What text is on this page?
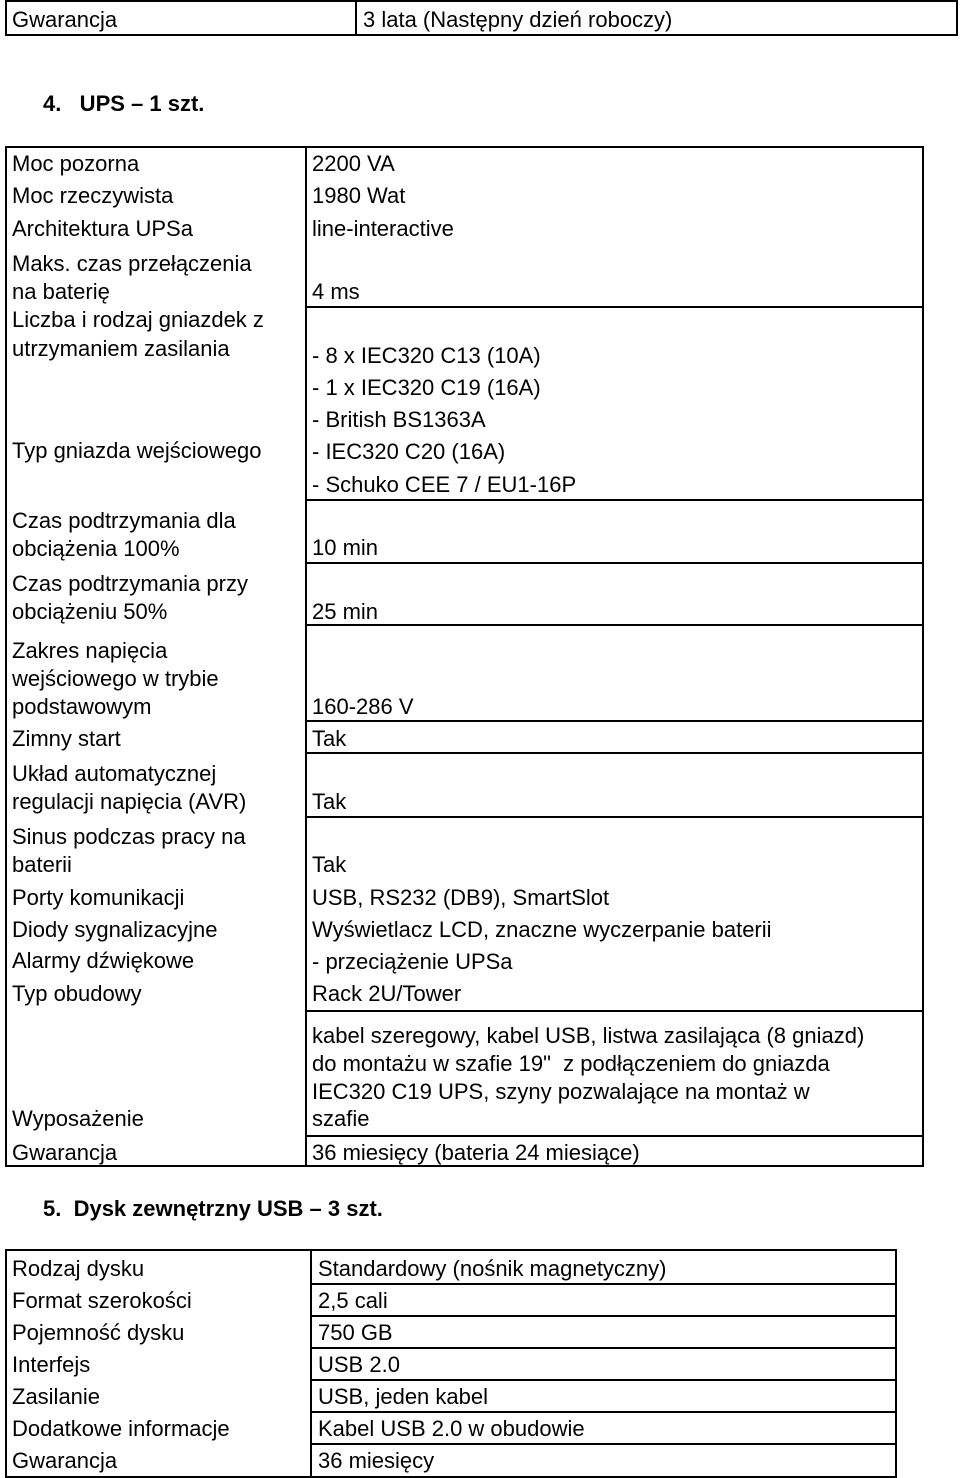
Gwarancja	3 lata (Następny dzień roboczy)
4.   UPS – 1 szt.
Moc pozorna
Moc rzeczywista
Architektura UPSa
Maks. czas przełączenia
na baterię
Liczba i rodzaj gniazdek z
utrzymaniem zasilania
Typ gniazda wejściowego
Czas podtrzymania dla
obciążenia 100%
Czas podtrzymania przy
obciążeniu 50%
Zakres napięcia
wejściowego w trybie
podstawowym
Zimny start
Układ automatycznej
regulacji napięcia (AVR)
Sinus podczas pracy na
baterii
Porty komunikacji
Diody sygnalizacyjne
Alarmy dźwiękowe
Typ obudowy
Wyposażenie
Gwarancja
2200 VA
1980 Wat
line-interactive
4 ms
- 8 x IEC320 C13 (10A)
- 1 x IEC320 C19 (16A)
- British BS1363A
- IEC320 C20 (16A)
- Schuko CEE 7 / EU1-16P
10 min
25 min
160-286 V
Tak
Tak
Tak
USB, RS232 (DB9), SmartSlot
Wyświetlacz LCD, znaczne wyczerpanie baterii
- przeciążenie UPSa
Rack 2U/Tower
kabel szeregowy, kabel USB, listwa zasilająca (8 gniazd)
do montażu w szafie 19"  z podłączeniem do gniazda
IEC320 C19 UPS, szyny pozwalające na montaż w
szafie
36 miesięcy (bateria 24 miesiące)
5.  Dysk zewnętrzny USB – 3 szt.
Rodzaj dysku
Format szerokości
Pojemność dysku
Interfejs
Zasilanie
Dodatkowe informacje
Gwarancja
Standardowy (nośnik magnetyczny)
2,5 cali
750 GB
USB 2.0
USB, jeden kabel
Kabel USB 2.0 w obudowie
36 miesięcy
